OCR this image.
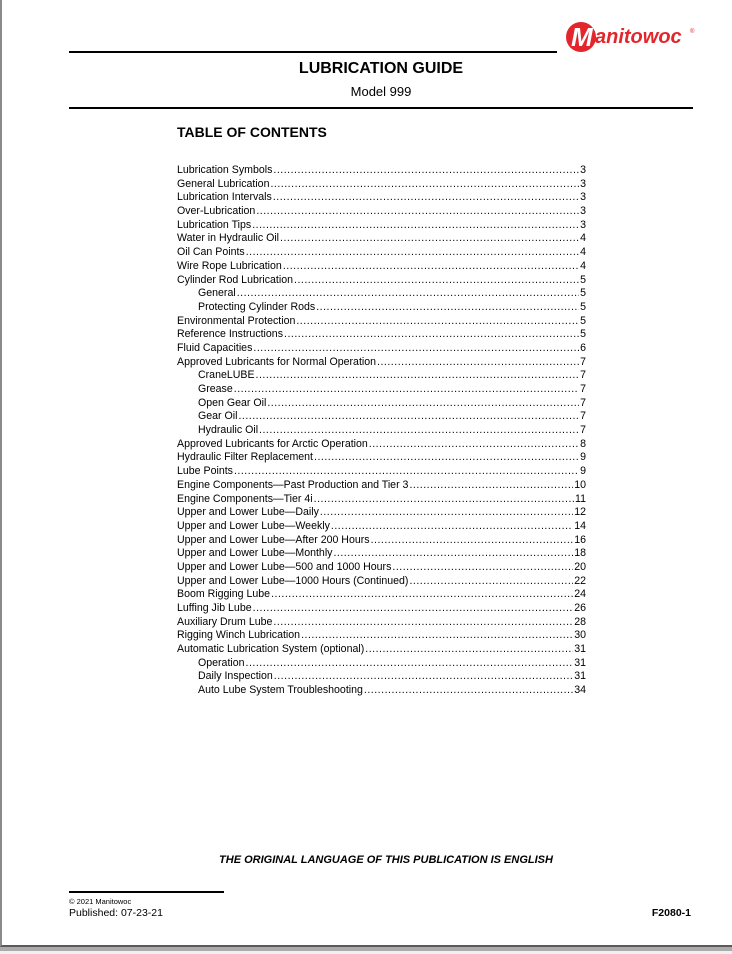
M anitowoc ®
LUBRICATION GUIDE
Model 999
TABLE OF CONTENTS
Lubrication Symbols .....	3
General Lubrication .....	3
Lubrication Intervals .....	3
Over-Lubrication .....	3
Lubrication Tips .....	3
Water in Hydraulic Oil .....	4
Oil Can Points .....	4
Wire Rope Lubrication .....	4
Cylinder Rod Lubrication .....	5
General .....	5
Protecting Cylinder Rods .....	5
Environmental Protection .....	5
Reference Instructions .....	5
Fluid Capacities .....	6
Approved Lubricants for Normal Operation .....	7
CraneLUBE .....	7
Grease .....	7
Open Gear Oil .....	7
Gear Oil .....	7
Hydraulic Oil .....	7
Approved Lubricants for Arctic Operation .....	8
Hydraulic Filter Replacement .....	9
Lube Points .....	9
Engine Components—Past Production and Tier 3 .....	10
Engine Components—Tier 4i .....	11
Upper and Lower Lube—Daily .....	12
Upper and Lower Lube—Weekly .....	14
Upper and Lower Lube—After 200 Hours .....	16
Upper and Lower Lube—Monthly .....	18
Upper and Lower Lube—500 and 1000 Hours .....	20
Upper and Lower Lube—1000 Hours (Continued) .....	22
Boom Rigging Lube .....	24
Luffing Jib Lube .....	26
Auxiliary Drum Lube .....	28
Rigging Winch Lubrication .....	30
Automatic Lubrication System (optional) .....	31
Operation .....	31
Daily Inspection .....	31
Auto Lube System Troubleshooting .....	34
THE ORIGINAL LANGUAGE OF THIS PUBLICATION IS ENGLISH
© 2021 Manitowoc
Published: 07-23-21	F2080-1
